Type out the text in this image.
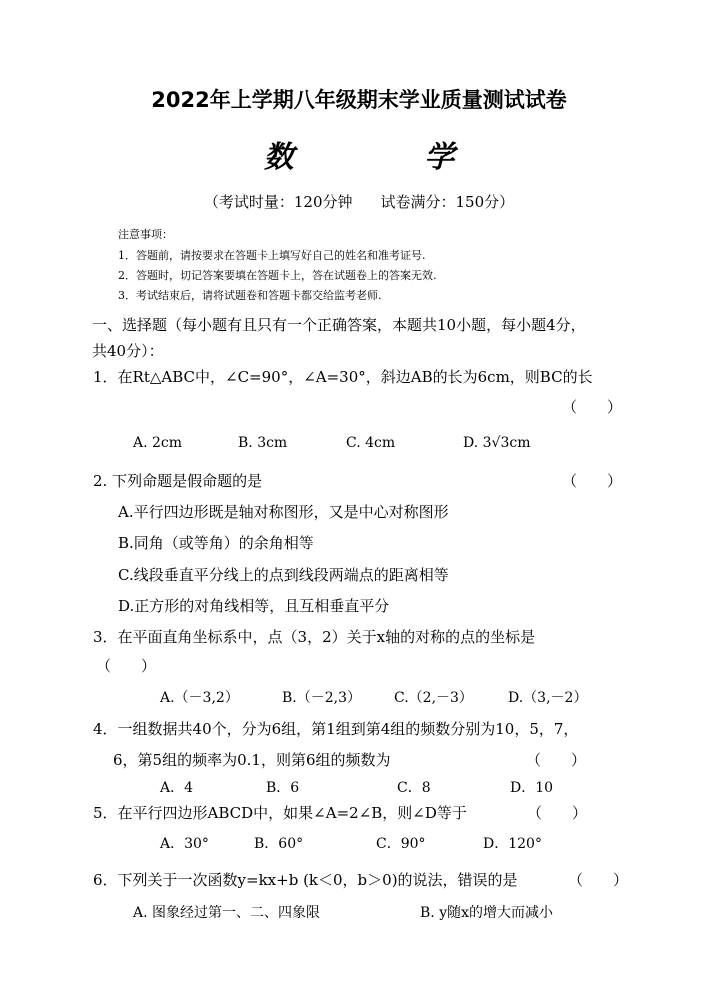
2022年上学期八年级期末学业质量测试试卷
数 学
（考试时量：120分钟 试卷满分：150分）
注意事项：
1．答题前，请按要求在答题卡上填写好自己的姓名和准考证号.
2．答题时，切记答案要填在答题卡上，答在试题卷上的答案无效.
3．考试结束后，请将试题卷和答题卡都交给监考老师.
一、选择题（每小题有且只有一个正确答案，本题共10小题，每小题4分，
共40分）：
1．在Rt△ABC中，∠C=90°，∠A=30°，斜边AB的长为6cm，则BC的长
（　　）
A. 2cm	B. 3cm	C. 4cm	D. 3√3cm
2. 下列命题是假命题的是	（　　）
A.平行四边形既是轴对称图形，又是中心对称图形
B.同角（或等角）的余角相等
C.线段垂直平分线上的点到线段两端点的距离相等
D.正方形的对角线相等，且互相垂直平分
3．在平面直角坐标系中，点（3，2）关于x轴的对称的点的坐标是
（　　）
A.（－3,2）	B.（－2,3） C.（2,－3）	D.（3,－2）
4．一组数据共40个，分为6组，第1组到第4组的频数分别为10，5，7，
6，第5组的频率为0.1，则第6组的频数为	（　　）
A．4	B．6	C．8	D．10
5．在平行四边形ABCD中，如果∠A=2∠B，则∠D等于	（　　）
A．30°	B．60°	C．90°	D．120°
6．下列关于一次函数y=kx+b (k＜0，b＞0)的说法，错误的是	（　　）
A. 图象经过第一、二、四象限	B. y随x的增大而减小
